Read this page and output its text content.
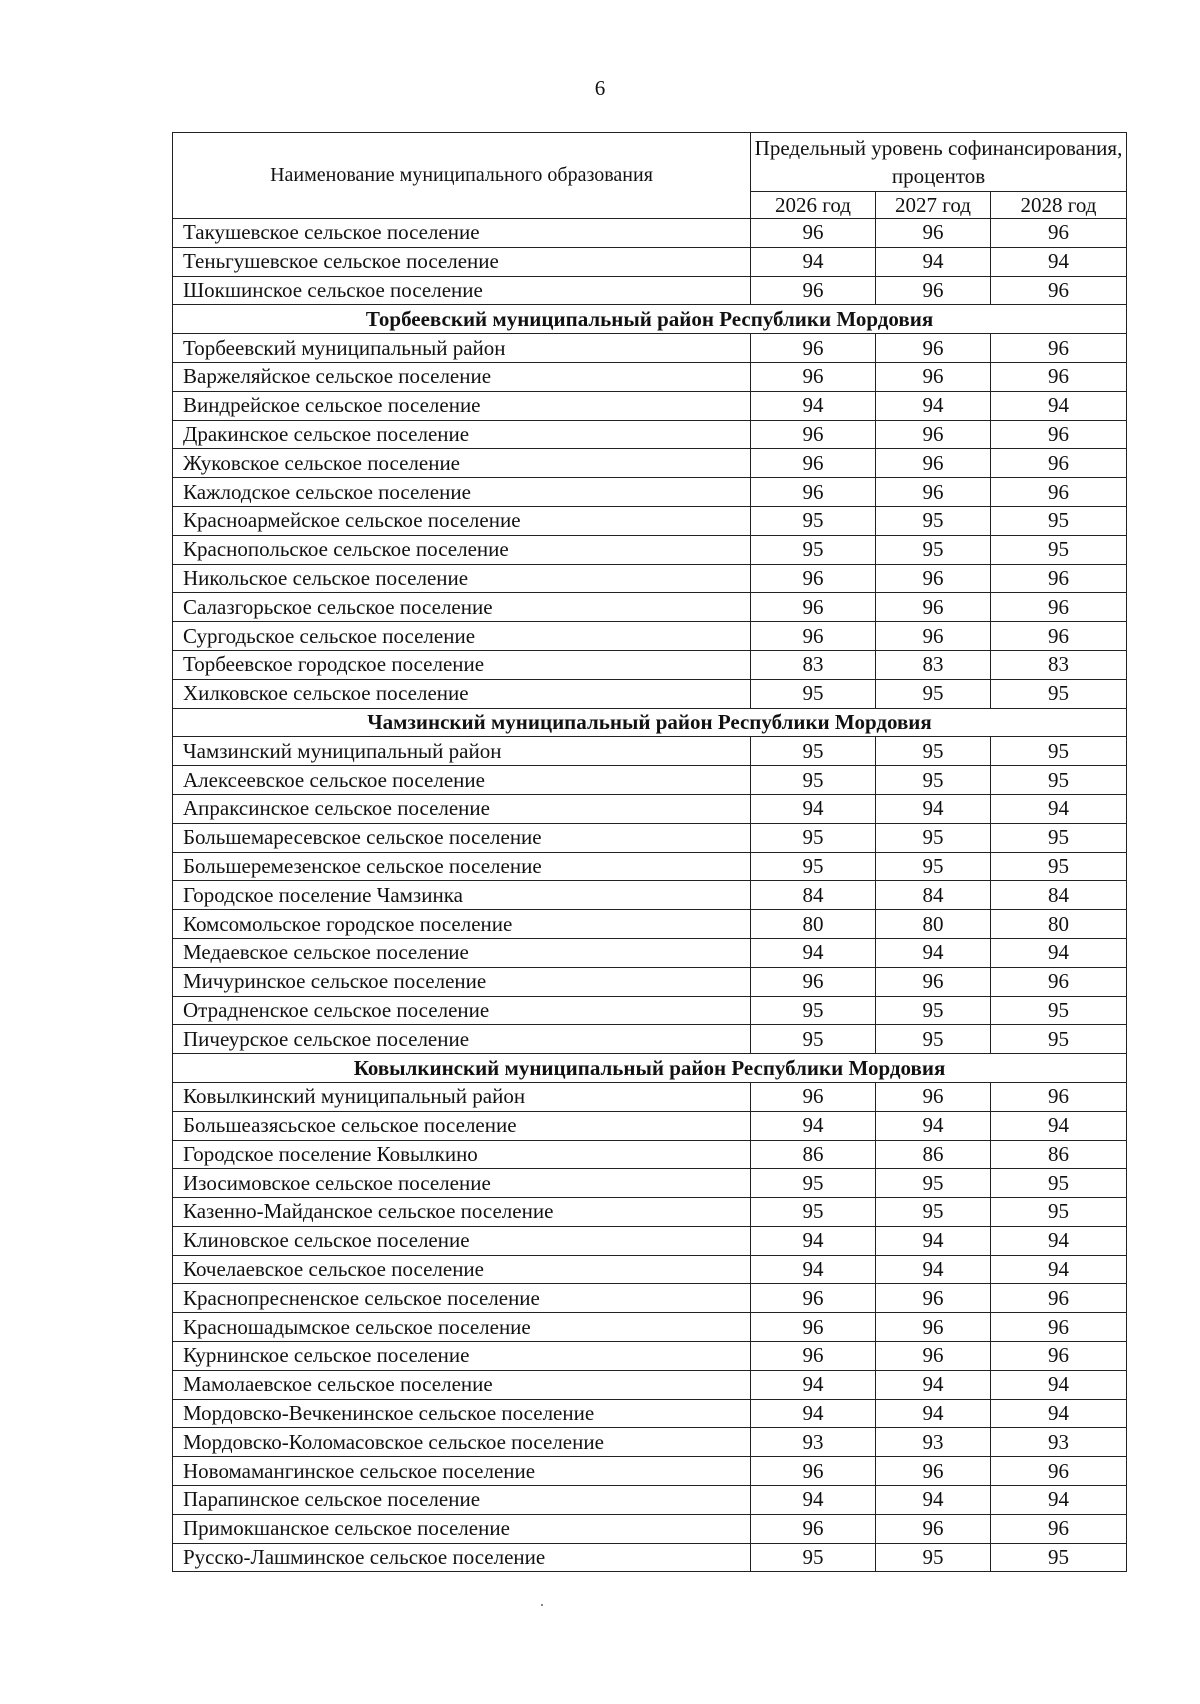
6
Наименование муниципального образования	Предельный уровень софинансирования, процентов		
	2026 год	2027 год	2028 год
Такушевское сельское поселение	96	96	96
Теньгушевское сельское поселение	94	94	94
Шокшинское сельское поселение	96	96	96
Торбеевский муниципальный район Республики Мордовия			
Торбеевский муниципальный район	96	96	96
Варжеляйское сельское поселение	96	96	96
Виндрейское сельское поселение	94	94	94
Дракинское сельское поселение	96	96	96
Жуковское сельское поселение	96	96	96
Кажлодское сельское поселение	96	96	96
Красноармейское сельское поселение	95	95	95
Краснопольское сельское поселение	95	95	95
Никольское сельское поселение	96	96	96
Салазгорьское сельское поселение	96	96	96
Сургодьское сельское поселение	96	96	96
Торбеевское городское поселение	83	83	83
Хилковское сельское поселение	95	95	95
Чамзинский муниципальный район Республики Мордовия			
Чамзинский муниципальный район	95	95	95
Алексеевское сельское поселение	95	95	95
Апраксинское сельское поселение	94	94	94
Большемаресевское сельское поселение	95	95	95
Большеремезенское сельское поселение	95	95	95
Городское поселение Чамзинка	84	84	84
Комсомольское городское поселение	80	80	80
Медаевское сельское поселение	94	94	94
Мичуринское сельское поселение	96	96	96
Отрадненское сельское поселение	95	95	95
Пичеурское сельское поселение	95	95	95
Ковылкинский муниципальный район Республики Мордовия			
Ковылкинский муниципальный район	96	96	96
Большеазясьское сельское поселение	94	94	94
Городское поселение Ковылкино	86	86	86
Изосимовское сельское поселение	95	95	95
Казенно-Майданское сельское поселение	95	95	95
Клиновское сельское поселение	94	94	94
Кочелаевское сельское поселение	94	94	94
Краснопресненское сельское поселение	96	96	96
Красношадымское сельское поселение	96	96	96
Курнинское сельское поселение	96	96	96
Мамолаевское сельское поселение	94	94	94
Мордовско-Вечкенинское сельское поселение	94	94	94
Мордовско-Коломасовское сельское поселение	93	93	93
Новомамангинское сельское поселение	96	96	96
Парапинское сельское поселение	94	94	94
Примокшанское сельское поселение	96	96	96
Русско-Лашминское сельское поселение	95	95	95
